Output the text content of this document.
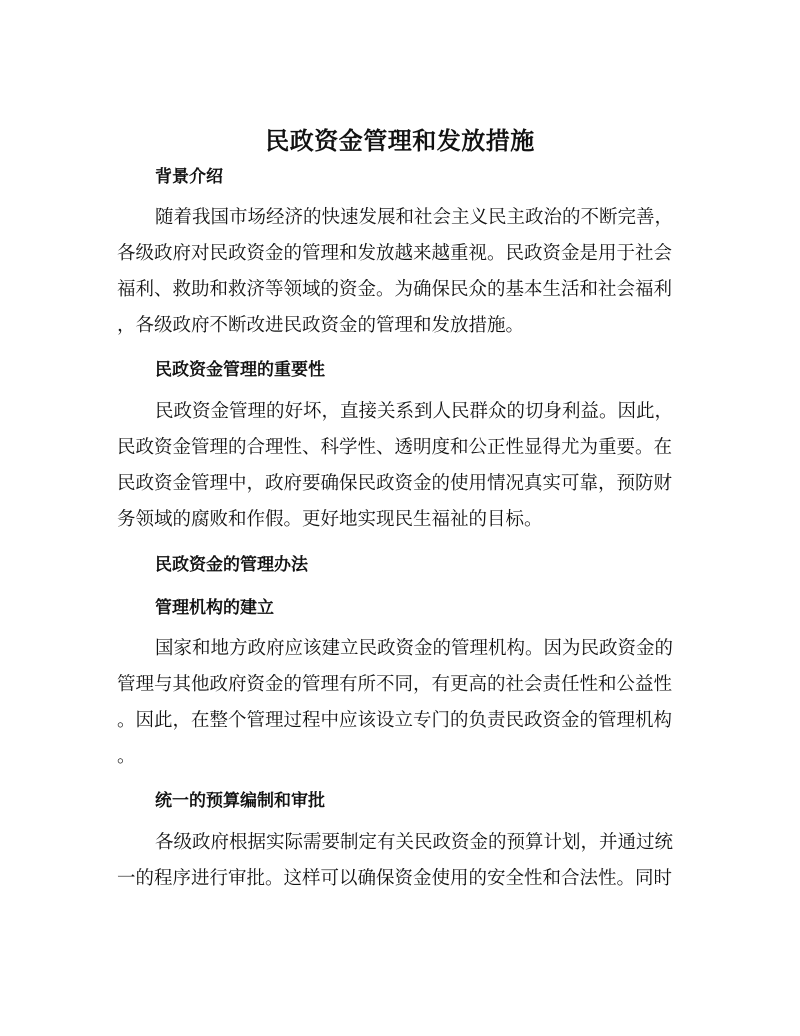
民政资金管理和发放措施
背景介绍
随着我国市场经济的快速发展和社会主义民主政治的不断完善，
各级政府对民政资金的管理和发放越来越重视。民政资金是用于社会
福利、救助和救济等领域的资金。为确保民众的基本生活和社会福利
，各级政府不断改进民政资金的管理和发放措施。
民政资金管理的重要性
民政资金管理的好坏，直接关系到人民群众的切身利益。因此，
民政资金管理的合理性、科学性、透明度和公正性显得尤为重要。在
民政资金管理中，政府要确保民政资金的使用情况真实可靠，预防财
务领域的腐败和作假。更好地实现民生福祉的目标。
民政资金的管理办法
管理机构的建立
国家和地方政府应该建立民政资金的管理机构。因为民政资金的
管理与其他政府资金的管理有所不同，有更高的社会责任性和公益性
。因此，在整个管理过程中应该设立专门的负责民政资金的管理机构
。
统一的预算编制和审批
各级政府根据实际需要制定有关民政资金的预算计划，并通过统
一的程序进行审批。这样可以确保资金使用的安全性和合法性。同时
